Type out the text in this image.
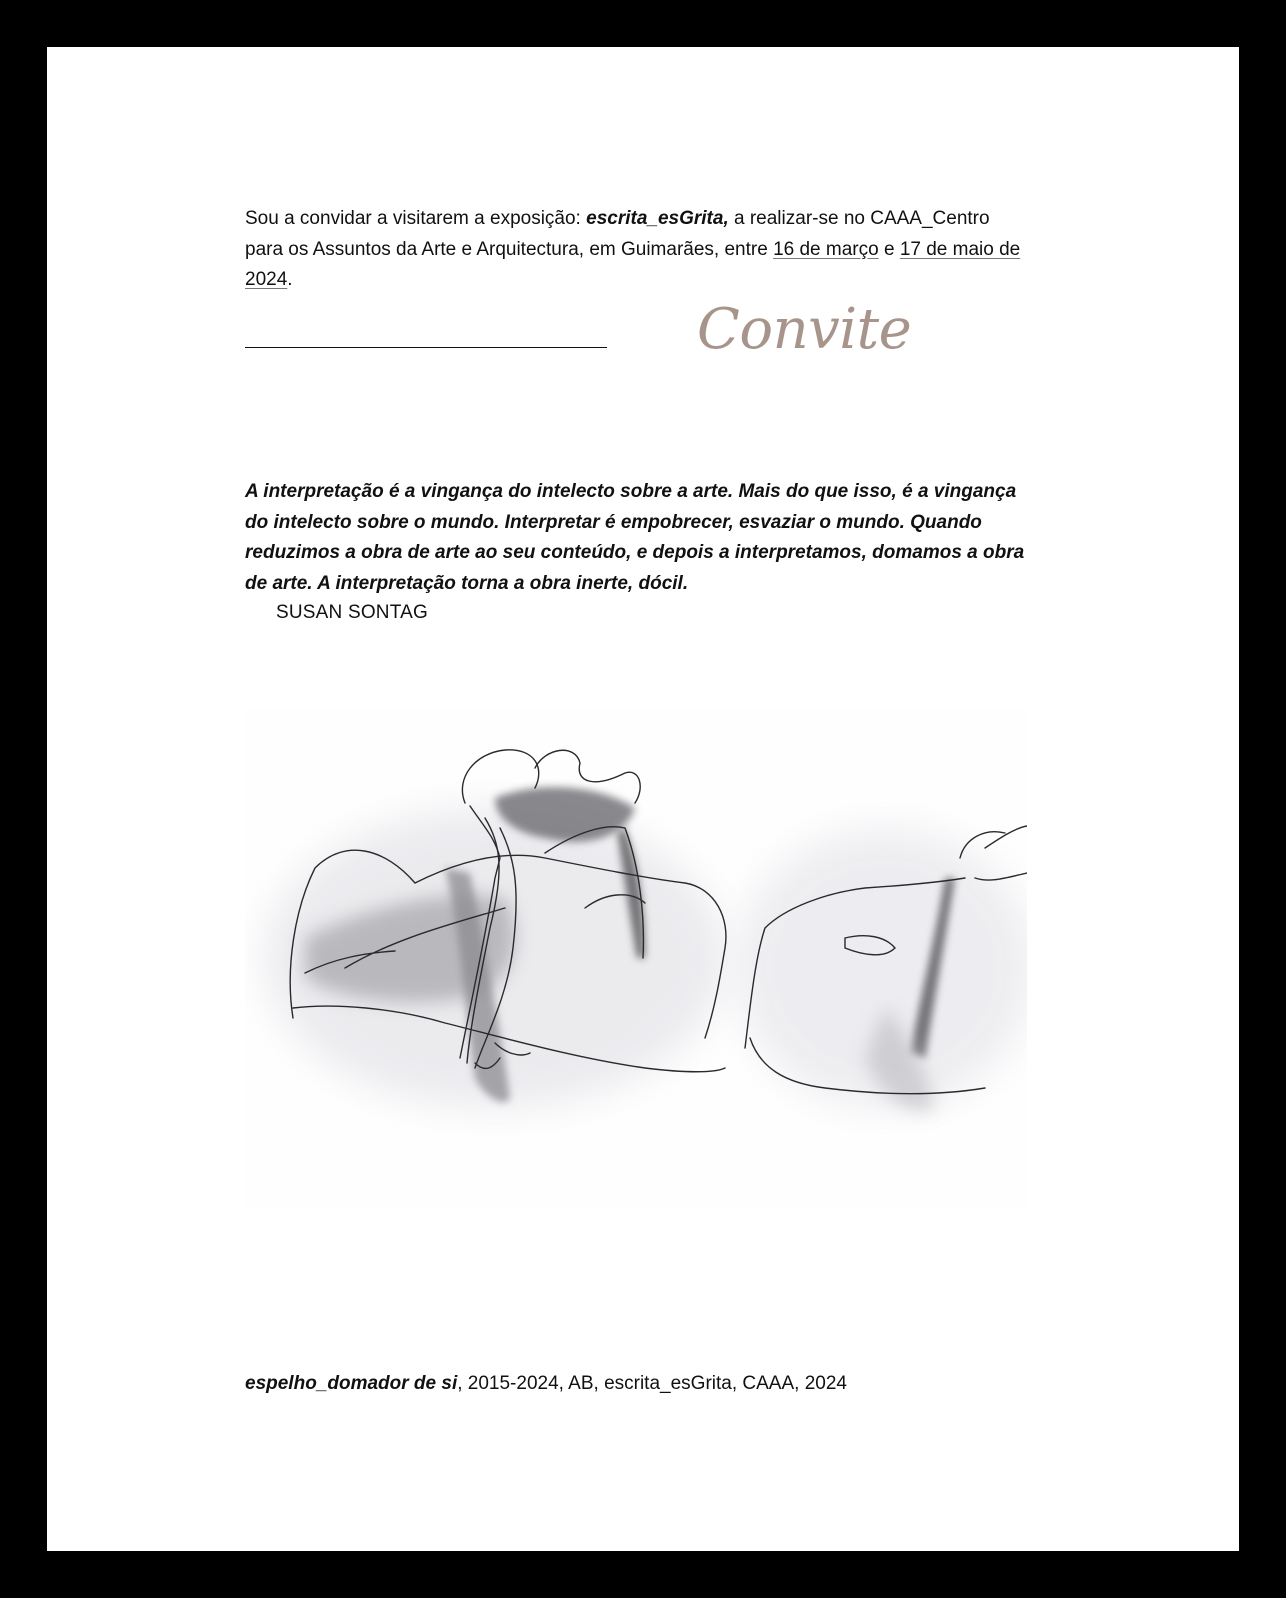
Sou a convidar a visitarem a exposição: escrita_esGrita, a realizar-se no CAAA_Centro para os Assuntos da Arte e Arquitectura, em Guimarães, entre 16 de março e 17 de maio de 2024.

Convite

A interpretação é a vingança do intelecto sobre a arte. Mais do que isso, é a vingança do intelecto sobre o mundo. Interpretar é empobrecer, esvaziar o mundo. Quando reduzimos a obra de arte ao seu conteúdo, e depois a interpretamos, domamos a obra de arte. A interpretação torna a obra inerte, dócil.

SUSAN SONTAG

espelho_domador de si, 2015-2024, AB, escrita_esGrita, CAAA, 2024
